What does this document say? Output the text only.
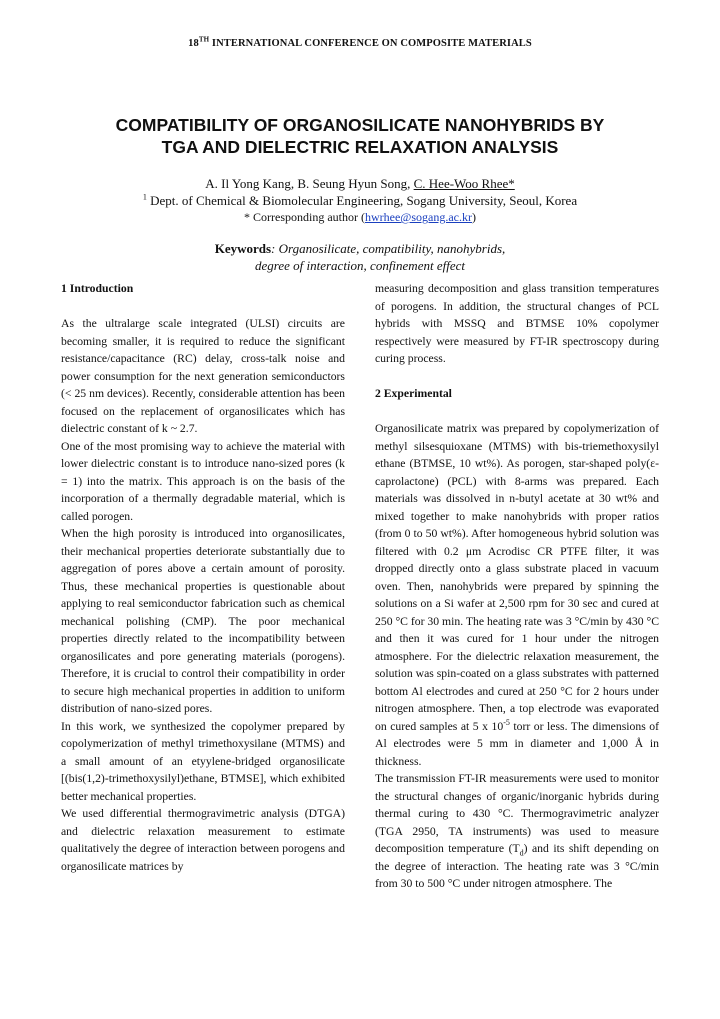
18TH INTERNATIONAL CONFERENCE ON COMPOSITE MATERIALS
COMPATIBILITY OF ORGANOSILICATE NANOHYBRIDS BY
TGA AND DIELECTRIC RELAXATION ANALYSIS
A. Il Yong Kang, B. Seung Hyun Song, C. Hee-Woo Rhee*
$^1$ Dept. of Chemical & Biomolecular Engineering, Sogang University, Seoul, Korea
* Corresponding author (hwrhee@sogang.ac.kr)
Keywords: Organosilicate, compatibility, nanohybrids,
degree of interaction, confinement effect

1 Introduction

As the ultralarge scale integrated (ULSI) circuits are becoming smaller, it is required to reduce the significant resistance/capacitance (RC) delay, cross-talk noise and power consumption for the next generation semiconductors (< 25 nm devices). Recently, considerable attention has been focused on the replacement of organosilicates which has dielectric constant of k ~ 2.7.

One of the most promising way to achieve the material with lower dielectric constant is to introduce nano-sized pores (k = 1) into the matrix. This approach is on the basis of the incorporation of a thermally degradable material, which is called porogen.

When the high porosity is introduced into organosilicates, their mechanical properties deteriorate substantially due to aggregation of pores above a certain amount of porosity. Thus, these mechanical properties is questionable about applying to real semiconductor fabrication such as chemical mechanical polishing (CMP). The poor mechanical properties directly related to the incompatibility between organosilicates and pore generating materials (porogens). Therefore, it is crucial to control their compatibility in order to secure high mechanical properties in addition to uniform distribution of nano-sized pores.

In this work, we synthesized the copolymer prepared by copolymerization of methyl trimethoxysilane (MTMS) and a small amount of an etyylene-bridged organosilicate [(bis(1,2)-trimethoxysilyl)ethane, BTMSE], which exhibited better mechanical properties.

We used differential thermogravimetric analysis (DTGA) and dielectric relaxation measurement to estimate qualitatively the degree of interaction between porogens and organosilicate matrices by

measuring decomposition and glass transition temperatures of porogens. In addition, the structural changes of PCL hybrids with MSSQ and BTMSE 10% copolymer respectively were measured by FT-IR spectroscopy during curing process.

2 Experimental

Organosilicate matrix was prepared by copolymerization of methyl silsesquioxane (MTMS) with bis-triemethoxysilyl ethane (BTMSE, 10 wt%). As porogen, star-shaped poly(ε-caprolactone) (PCL) with 8-arms was prepared. Each materials was dissolved in n-butyl acetate at 30 wt% and mixed together to make nanohybrids with proper ratios (from 0 to 50 wt%). After homogeneous hybrid solution was filtered with 0.2 μm Acrodisc CR PTFE filter, it was dropped directly onto a glass substrate placed in vacuum oven. Then, nanohybrids were prepared by spinning the solutions on a Si wafer at 2,500 rpm for 30 sec and cured at 250 °C for 30 min. The heating rate was 3 °C/min by 430 °C and then it was cured for 1 hour under the nitrogen atmosphere. For the dielectric relaxation measurement, the solution was spin-coated on a glass substrates with patterned bottom Al electrodes and cured at 250 °C for 2 hours under nitrogen atmosphere. Then, a top electrode was evaporated on cured samples at 5 x $10^{-5}$ torr or less. The dimensions of Al electrodes were 5 mm in diameter and 1,000 Å in thickness.

The transmission FT-IR measurements were used to monitor the structural changes of organic/inorganic hybrids during thermal curing to 430 °C. Thermogravimetric analyzer (TGA 2950, TA instruments) was used to measure decomposition temperature $(T_d)$ and its shift depending on the degree of interaction. The heating rate was 3 °C/min from 30 to 500 °C under nitrogen atmosphere. The
